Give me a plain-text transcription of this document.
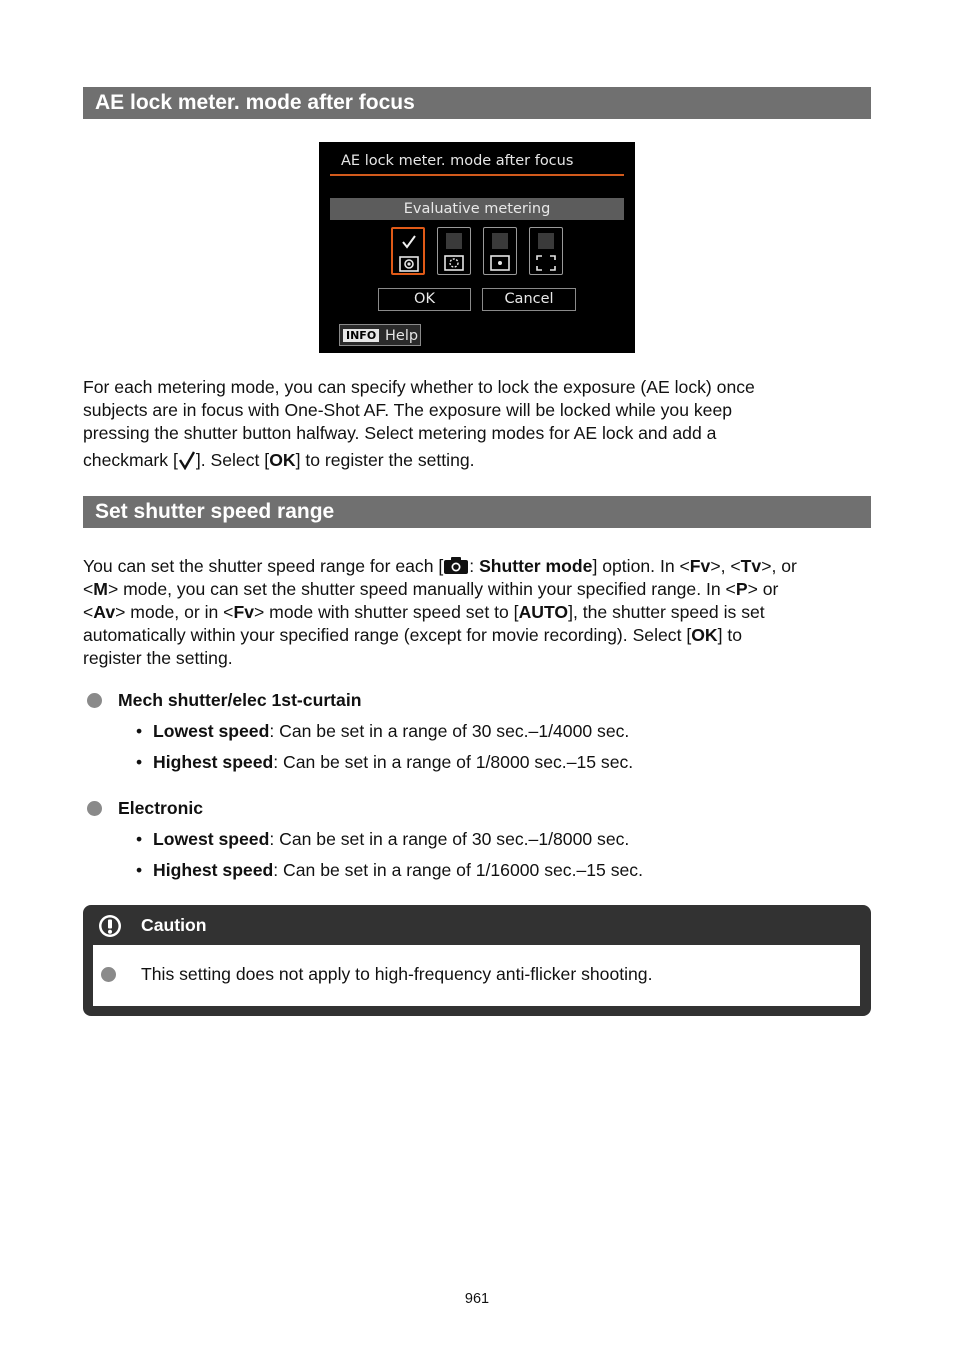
AE lock meter. mode after focus
AE lock meter. mode after focus
Evaluative metering
OK	Cancel
INFO Help
For each metering mode, you can specify whether to lock the exposure (AE lock) once
subjects are in focus with One-Shot AF. The exposure will be locked while you keep
pressing the shutter button halfway. Select metering modes for AE lock and add a
checkmark [ ]. Select [OK] to register the setting.
Set shutter speed range
You can set the shutter speed range for each [ : Shutter mode] option. In <Fv>, <Tv>, or
<M> mode, you can set the shutter speed manually within your specified range. In <P> or
<Av> mode, or in <Fv> mode with shutter speed set to [AUTO], the shutter speed is set
automatically within your specified range (except for movie recording). Select [OK] to
register the setting.
Mech shutter/elec 1st-curtain
• Lowest speed: Can be set in a range of 30 sec.–1/4000 sec.
• Highest speed: Can be set in a range of 1/8000 sec.–15 sec.
Electronic
• Lowest speed: Can be set in a range of 30 sec.–1/8000 sec.
• Highest speed: Can be set in a range of 1/16000 sec.–15 sec.
Caution
This setting does not apply to high-frequency anti-flicker shooting.
961
